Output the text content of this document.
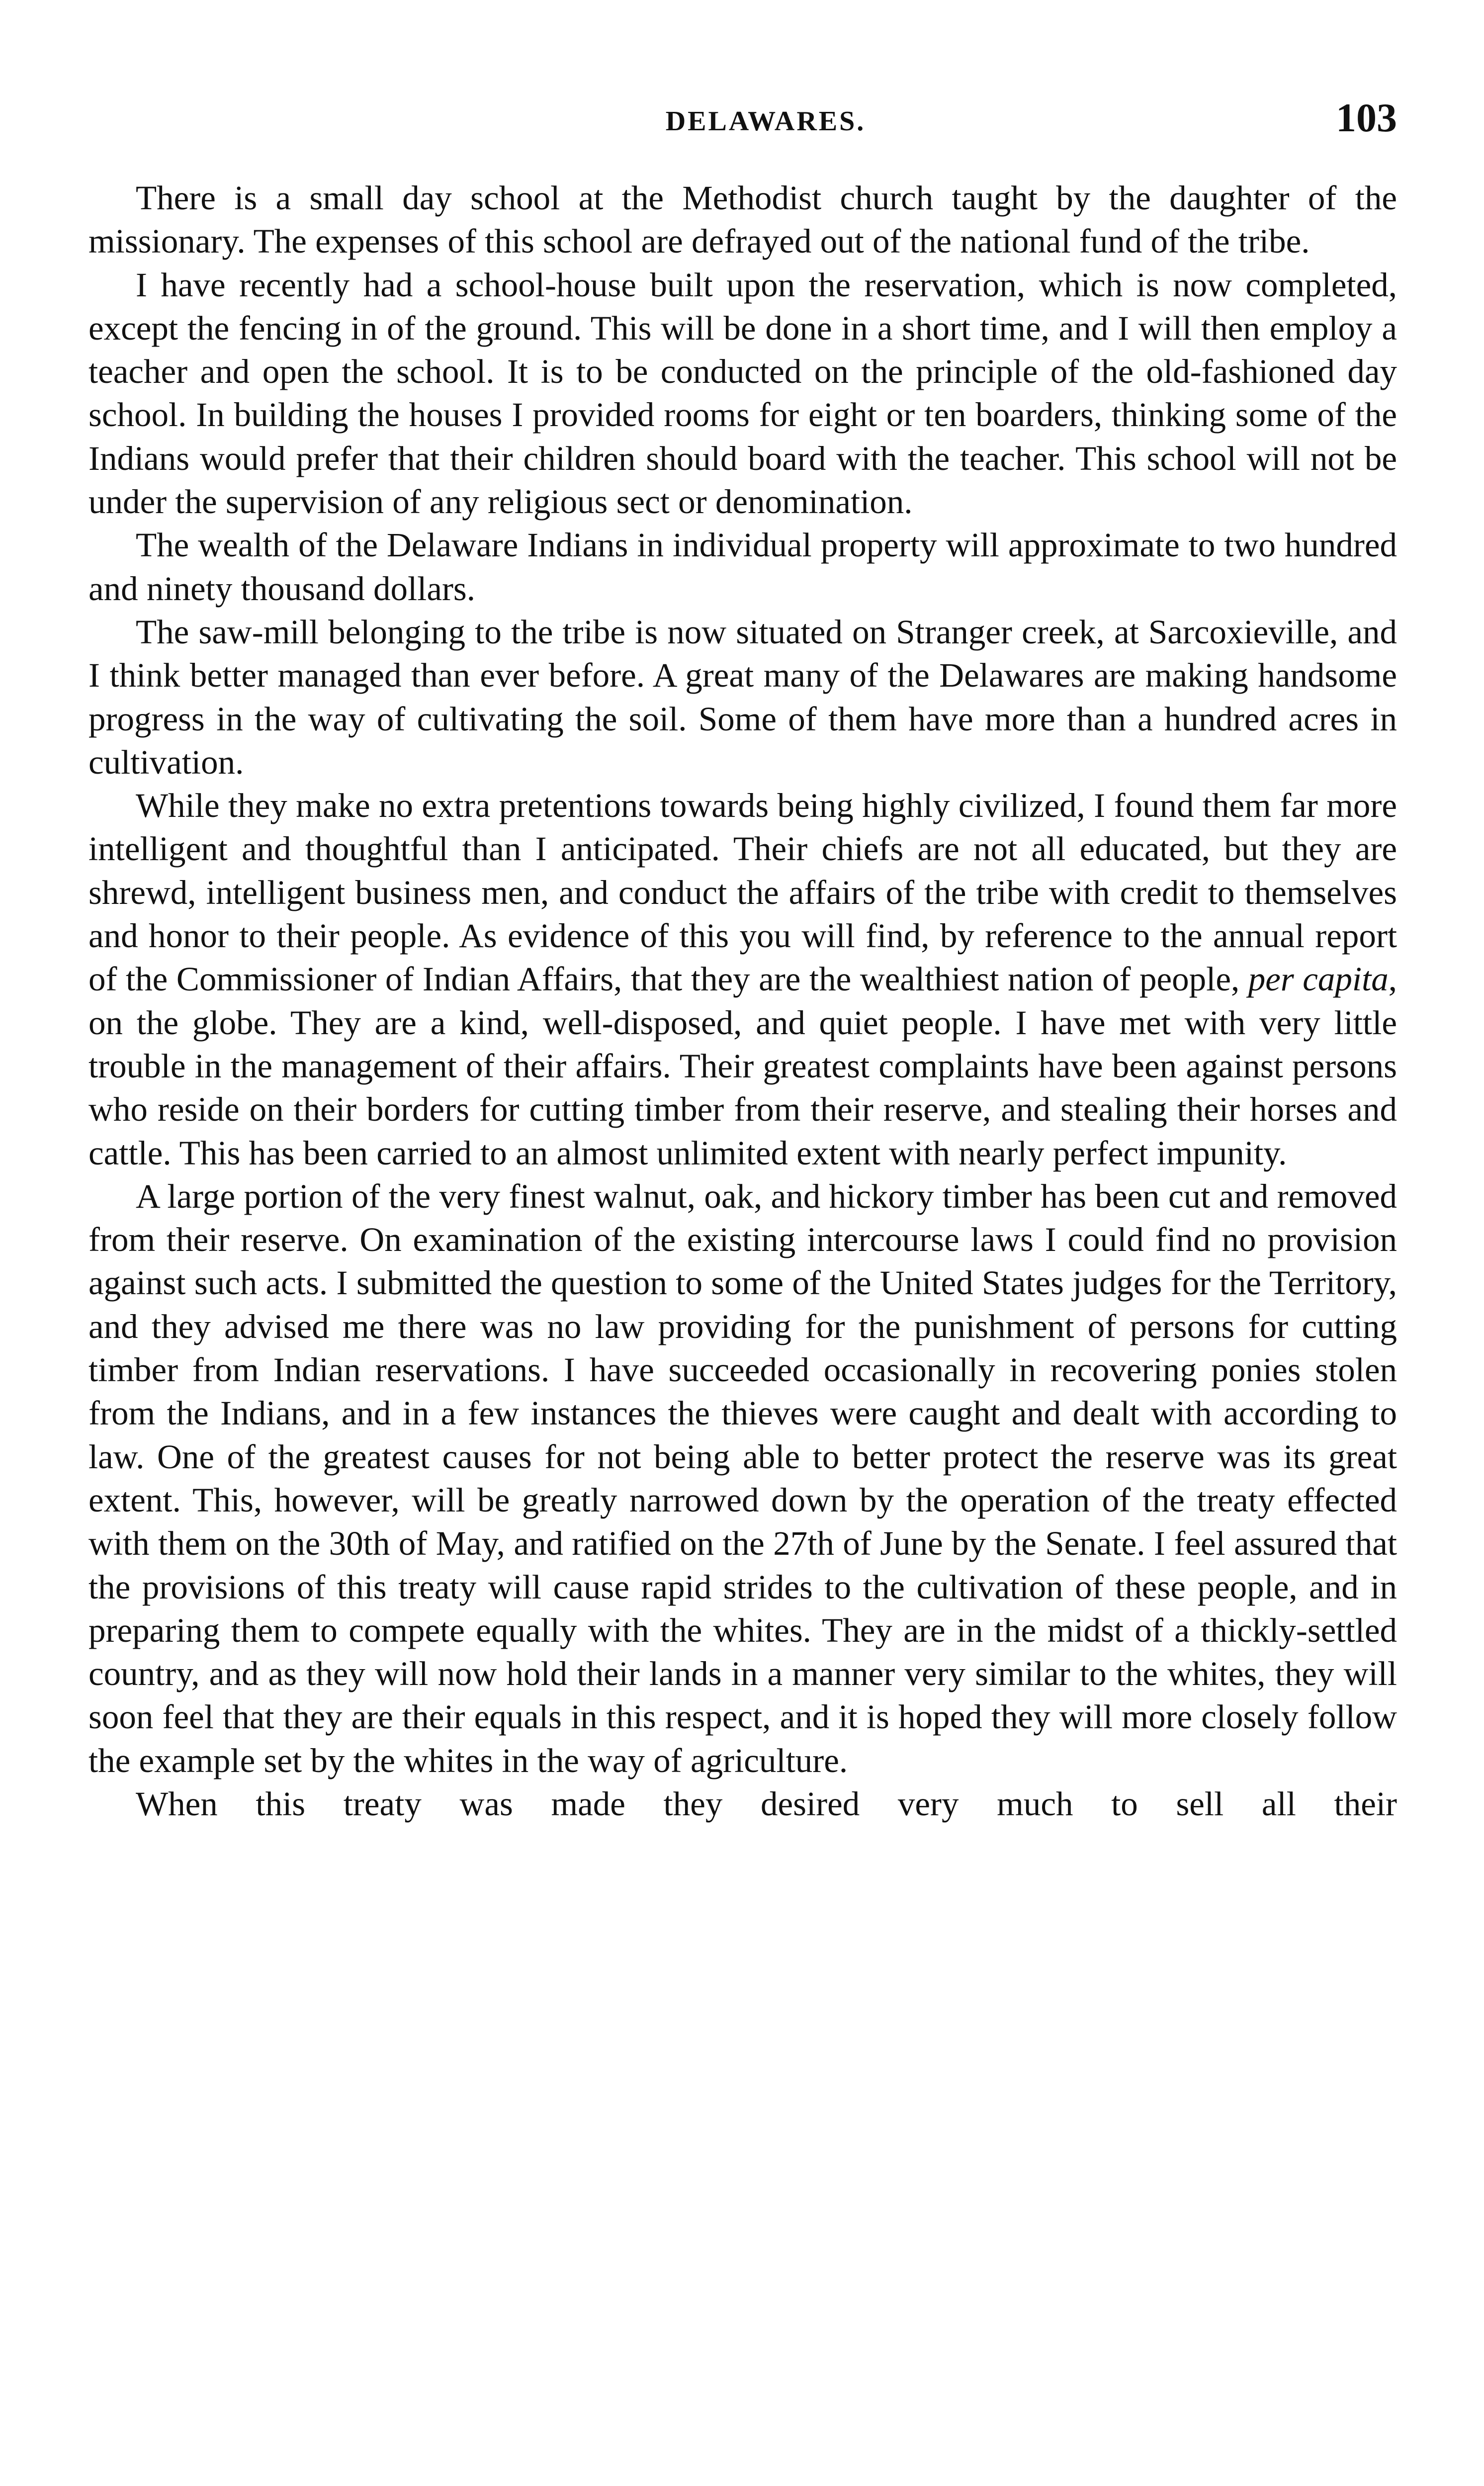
DELAWARES.	103

There is a small day school at the Methodist church taught by the daughter of the missionary. The expenses of this school are defrayed out of the national fund of the tribe.

I have recently had a school-house built upon the reservation, which is now completed, except the fencing in of the ground. This will be done in a short time, and I will then employ a teacher and open the school. It is to be conducted on the principle of the old-fashioned day school. In building the houses I provided rooms for eight or ten boarders, thinking some of the Indians would prefer that their children should board with the teacher. This school will not be under the supervision of any religious sect or denomination.

The wealth of the Delaware Indians in individual property will approximate to two hundred and ninety thousand dollars.

The saw-mill belonging to the tribe is now situated on Stranger creek, at Sarcoxieville, and I think better managed than ever before. A great many of the Delawares are making handsome progress in the way of cultivating the soil. Some of them have more than a hundred acres in cultivation.

While they make no extra pretentions towards being highly civilized, I found them far more intelligent and thoughtful than I anticipated. Their chiefs are not all educated, but they are shrewd, intelligent business men, and conduct the affairs of the tribe with credit to themselves and honor to their people. As evidence of this you will find, by reference to the annual report of the Commissioner of Indian Affairs, that they are the wealthiest nation of people, per capita, on the globe. They are a kind, well-disposed, and quiet people. I have met with very little trouble in the management of their affairs. Their greatest complaints have been against persons who reside on their borders for cutting timber from their reserve, and stealing their horses and cattle. This has been carried to an almost unlimited extent with nearly perfect impunity.

A large portion of the very finest walnut, oak, and hickory timber has been cut and removed from their reserve. On examination of the existing intercourse laws I could find no provision against such acts. I submitted the question to some of the United States judges for the Territory, and they advised me there was no law providing for the punishment of persons for cutting timber from Indian reservations. I have succeeded occasionally in recovering ponies stolen from the Indians, and in a few instances the thieves were caught and dealt with according to law. One of the greatest causes for not being able to better protect the reserve was its great extent. This, however, will be greatly narrowed down by the operation of the treaty effected with them on the 30th of May, and ratified on the 27th of June by the Senate. I feel assured that the provisions of this treaty will cause rapid strides to the cultivation of these people, and in preparing them to compete equally with the whites. They are in the midst of a thickly-settled country, and as they will now hold their lands in a manner very similar to the whites, they will soon feel that they are their equals in this respect, and it is hoped they will more closely follow the example set by the whites in the way of agriculture.

When this treaty was made they desired very much to sell all their
